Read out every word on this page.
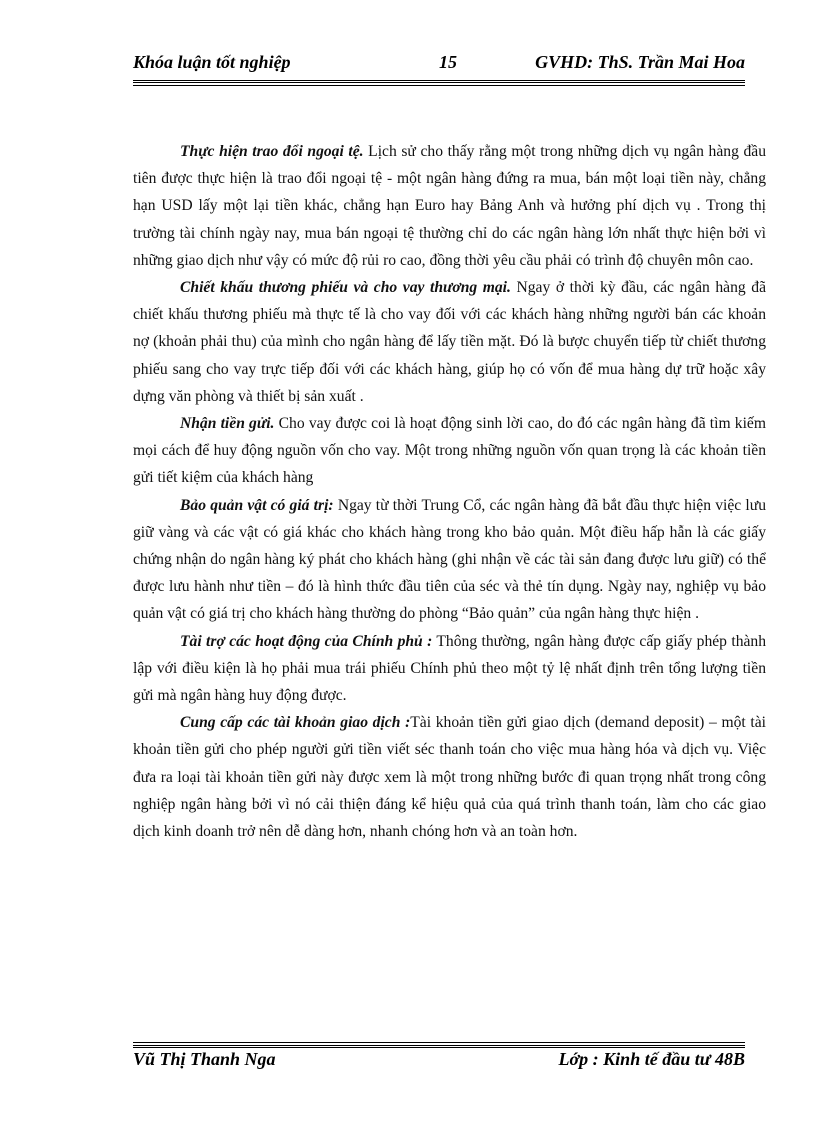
Khóa luận tốt nghiệp	15	GVHD: ThS. Trần Mai Hoa

Thực hiện trao đổi ngoại tệ. Lịch sử cho thấy rằng một trong những dịch vụ ngân hàng đầu tiên được thực hiện là trao đổi ngoại tệ - một ngân hàng đứng ra mua, bán một loại tiền này, chẳng hạn USD lấy một lại tiền khác, chẳng hạn Euro hay Bảng Anh và hưởng phí dịch vụ . Trong thị trường tài chính ngày nay, mua bán ngoại tệ thường chỉ do các ngân hàng lớn nhất thực hiện bởi vì những giao dịch như vậy có mức độ rủi ro cao, đồng thời yêu cầu phải có trình độ chuyên môn cao.

Chiết khấu thương phiếu và cho vay thương mại. Ngay ở thời kỳ đầu, các ngân hàng đã chiết khấu thương phiếu mà thực tế là cho vay đối với các khách hàng những người bán các khoản nợ (khoản phải thu) của mình cho ngân hàng để lấy tiền mặt. Đó là bược chuyển tiếp từ chiết thương phiếu sang cho vay trực tiếp đối với các khách hàng, giúp họ có vốn để mua hàng dự trữ hoặc xây dựng văn phòng và thiết bị sản xuất .

Nhận tiền gửi. Cho vay được coi là hoạt động sinh lời cao, do đó các ngân hàng đã tìm kiếm mọi cách để huy động nguồn vốn cho vay. Một trong những nguồn vốn quan trọng là các khoản tiền gửi tiết kiệm của khách hàng

Bảo quản vật có giá trị: Ngay từ thời Trung Cổ, các ngân hàng đã bắt đầu thực hiện việc lưu giữ vàng và các vật có giá khác cho khách hàng trong kho bảo quản. Một điều hấp hẫn là các giấy chứng nhận do ngân hàng ký phát cho khách hàng (ghi nhận về các tài sản đang được lưu giữ) có thể được lưu hành như tiền – đó là hình thức đầu tiên của séc và thẻ tín dụng. Ngày nay, nghiệp vụ bảo quản vật có giá trị cho khách hàng thường do phòng “Bảo quản” của ngân hàng thực hiện .

Tài trợ các hoạt động của Chính phủ : Thông thường, ngân hàng được cấp giấy phép thành lập với điều kiện là họ phải mua trái phiếu Chính phủ theo một tỷ lệ nhất định trên tổng lượng tiền gửi mà ngân hàng huy động được.

Cung cấp các tài khoản giao dịch :Tài khoản tiền gửi giao dịch (demand deposit) – một tài khoản tiền gửi cho phép người gửi tiền viết séc thanh toán cho việc mua hàng hóa và dịch vụ. Việc đưa ra loại tài khoản tiền gửi này được xem là một trong những bước đi quan trọng nhất trong công nghiệp ngân hàng bởi vì nó cải thiện đáng kể hiệu quả của quá trình thanh toán, làm cho các giao dịch kinh doanh trở nên dễ dàng hơn, nhanh chóng hơn và an toàn hơn.

Vũ Thị Thanh Nga	Lớp : Kinh tế đầu tư 48B
